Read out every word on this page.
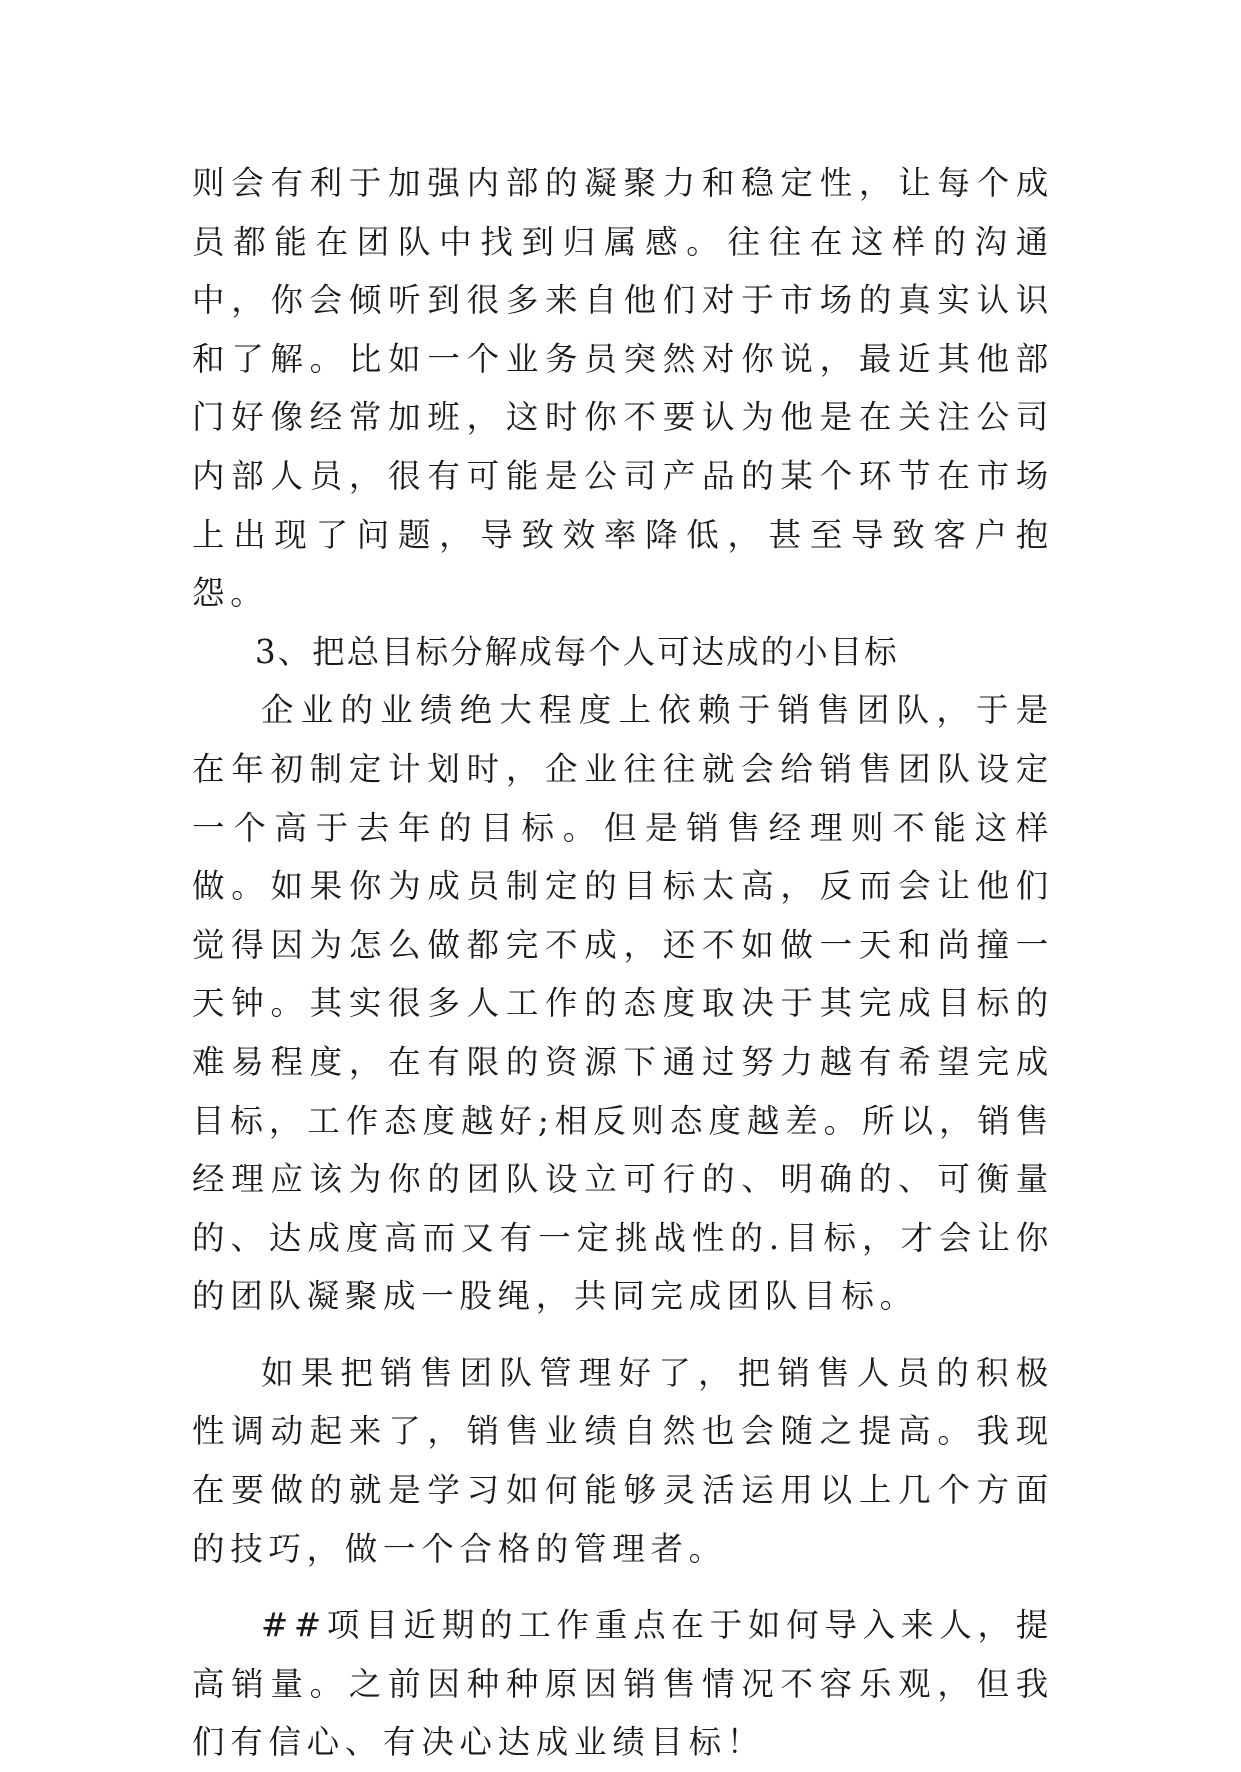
则会有利于加强内部的凝聚力和稳定性，让每个成员都能在团队中找到归属感。往往在这样的沟通中，你会倾听到很多来自他们对于市场的真实认识和了解。比如一个业务员突然对你说，最近其他部门好像经常加班，这时你不要认为他是在关注公司内部人员，很有可能是公司产品的某个环节在市场上出现了问题，导致效率降低，甚至导致客户抱怨。

3、把总目标分解成每个人可达成的小目标

企业的业绩绝大程度上依赖于销售团队，于是在年初制定计划时，企业往往就会给销售团队设定一个高于去年的目标。但是销售经理则不能这样做。如果你为成员制定的目标太高，反而会让他们觉得因为怎么做都完不成，还不如做一天和尚撞一天钟。其实很多人工作的态度取决于其完成目标的难易程度，在有限的资源下通过努力越有希望完成目标，工作态度越好;相反则态度越差。所以，销售经理应该为你的团队设立可行的、明确的、可衡量的、达成度高而又有一定挑战性的.目标，才会让你的团队凝聚成一股绳，共同完成团队目标。

如果把销售团队管理好了，把销售人员的积极性调动起来了，销售业绩自然也会随之提高。我现在要做的就是学习如何能够灵活运用以上几个方面的技巧，做一个合格的管理者。

##项目近期的工作重点在于如何导入来人，提高销量。之前因种种原因销售情况不容乐观，但我们有信心、有决心达成业绩目标！
